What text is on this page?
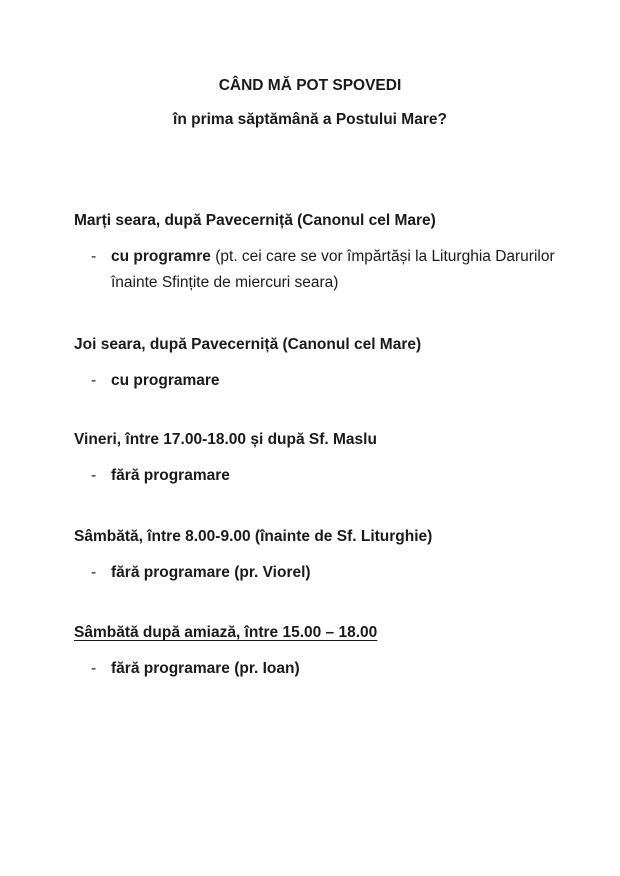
CÂND MĂ POT SPOVEDI
în prima săptămână a Postului Mare?
Marți seara, după Pavecerniță (Canonul cel Mare)
- cu programre (pt. cei care se vor împărtăși la Liturghia Darurilor înainte Sfințite de miercuri seara)
Joi seara, după Pavecerniță (Canonul cel Mare)
- cu programare
Vineri, între 17.00-18.00 și după Sf. Maslu
- fără programare
Sâmbătă, între 8.00-9.00 (înainte de Sf. Liturghie)
- fără programare (pr. Viorel)
Sâmbătă după amiază, între 15.00 – 18.00
- fără programare (pr. Ioan)
